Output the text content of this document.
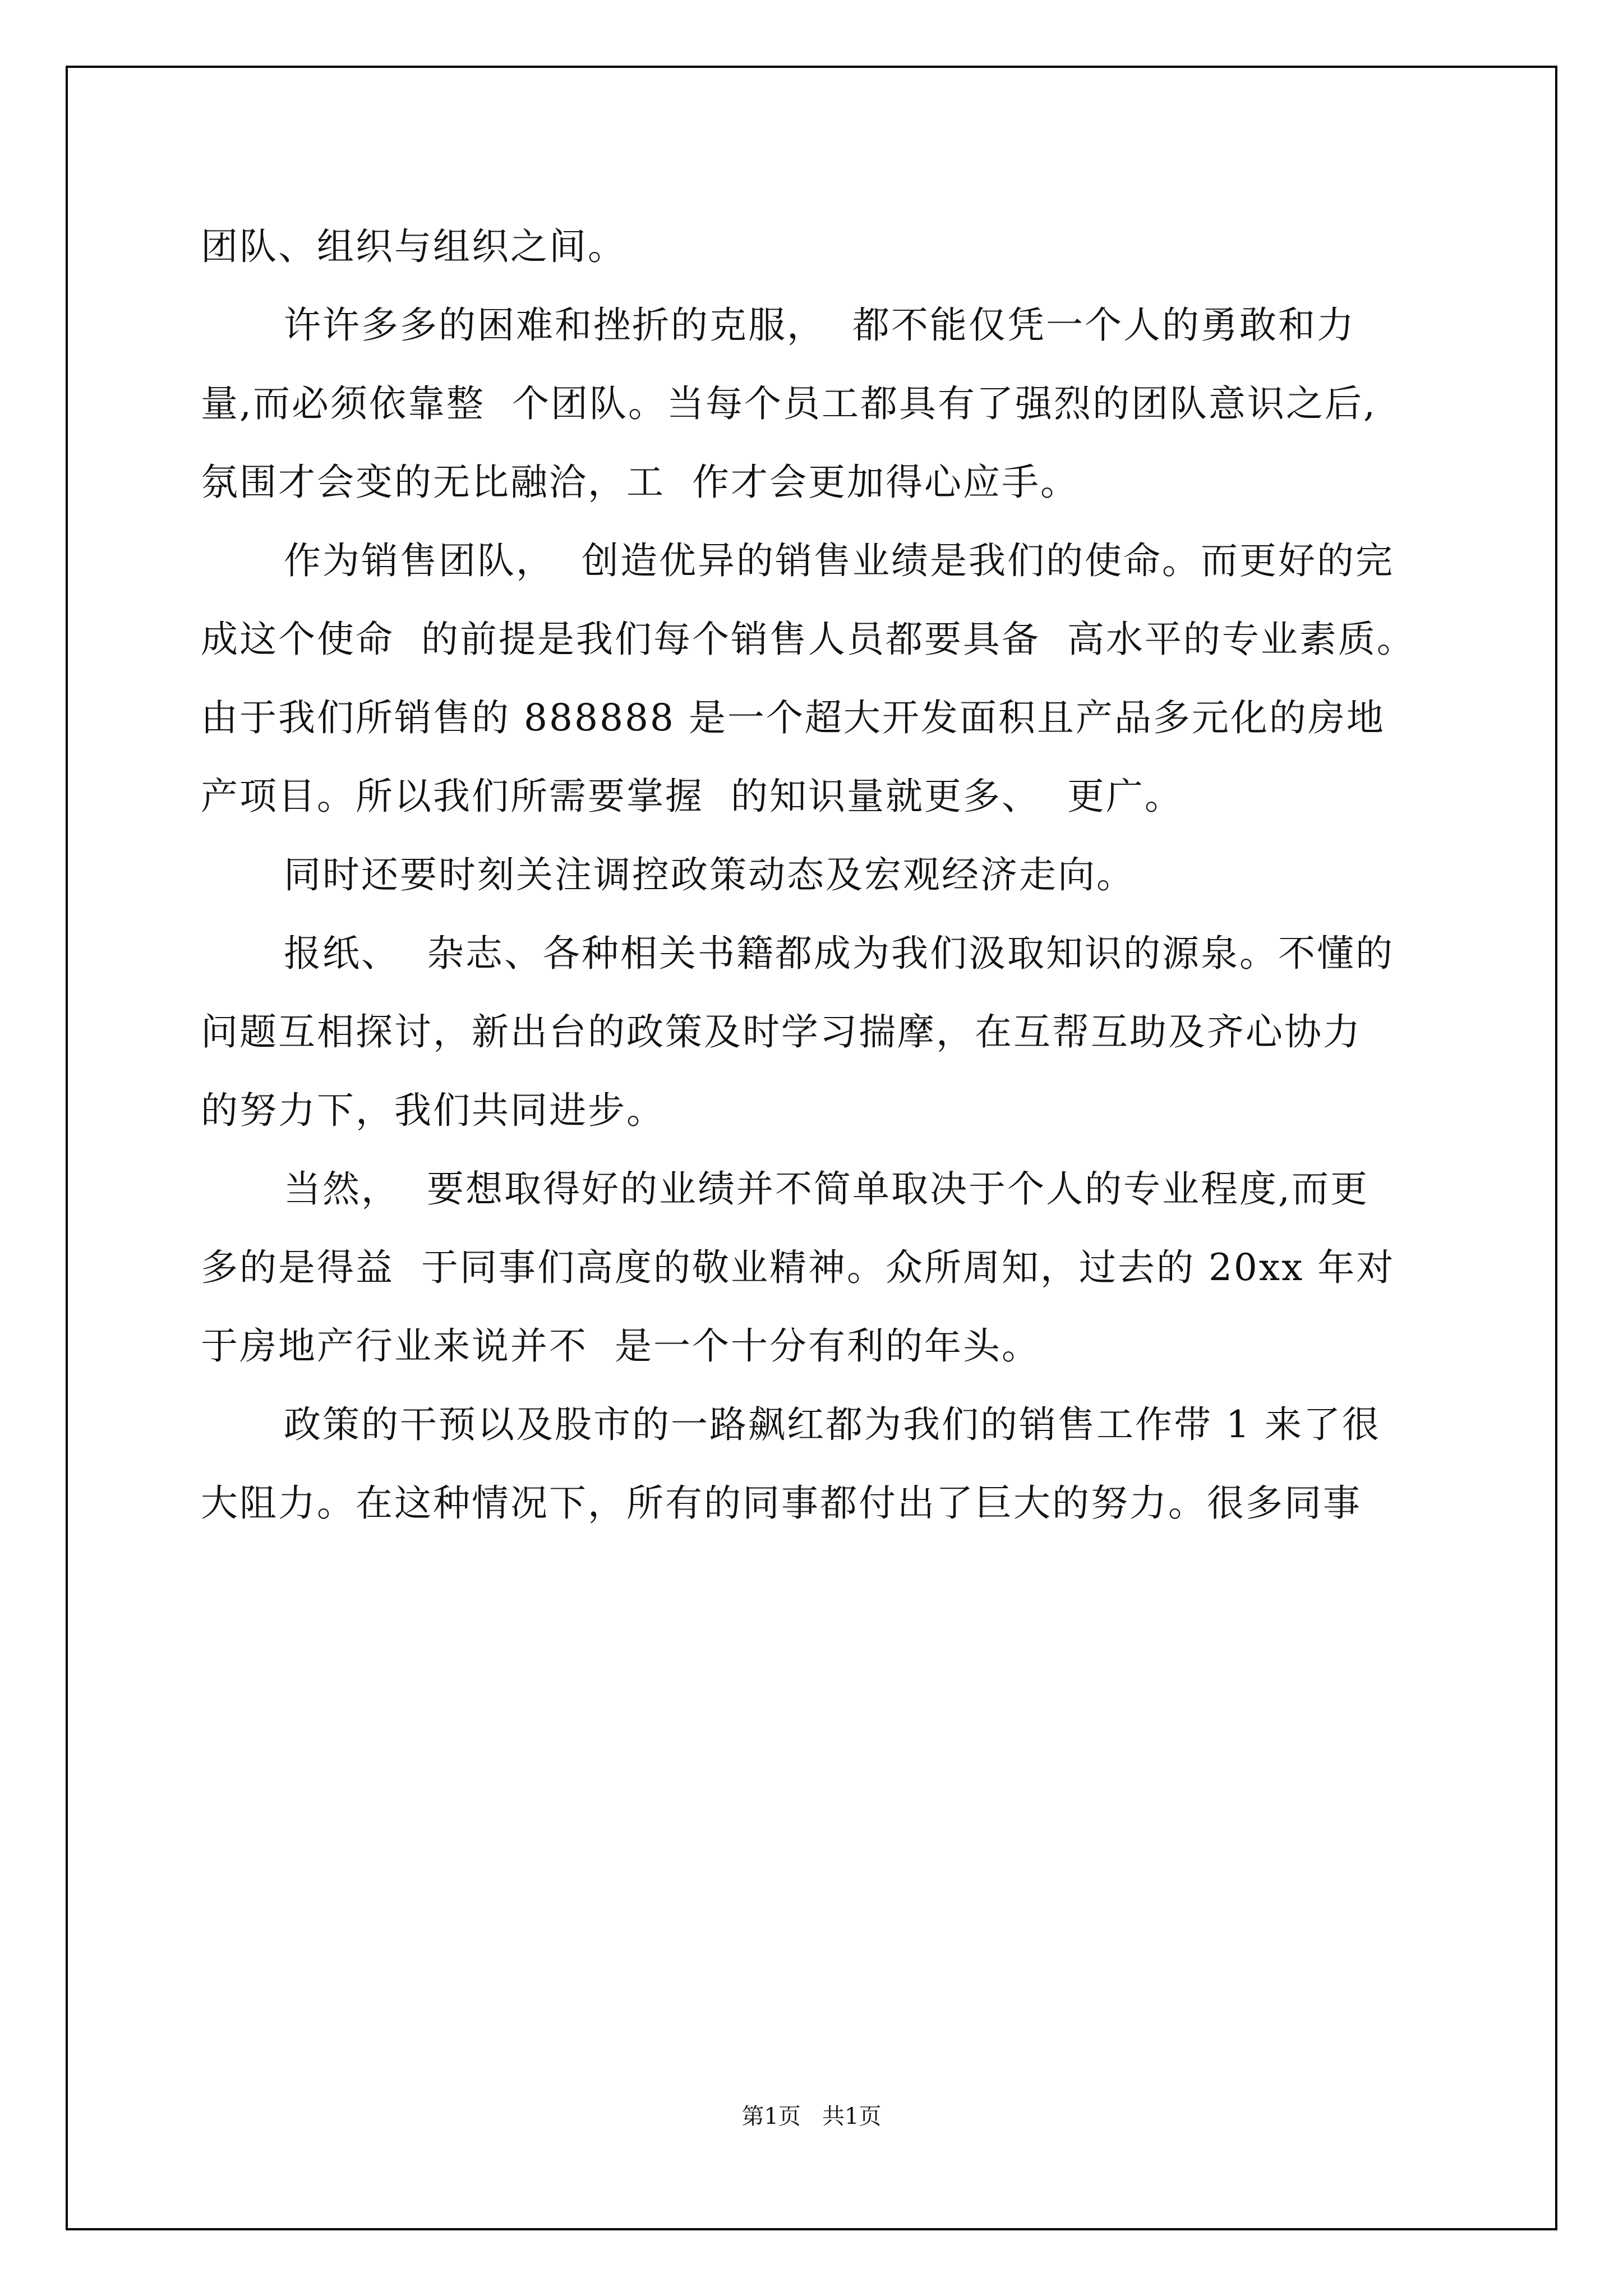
团队、组织与组织之间。
许许多多的困难和挫折的克服，  都不能仅凭一个人的勇敢和力
量,而必须依靠整  个团队。当每个员工都具有了强烈的团队意识之后,
氛围才会变的无比融洽，工  作才会更加得心应手。
作为销售团队，  创造优异的销售业绩是我们的使命。而更好的完
成这个使命  的前提是我们每个销售人员都要具备  高水平的专业素质。
由于我们所销售的 888888 是一个超大开发面积且产品多元化的房地
产项目。所以我们所需要掌握  的知识量就更多、  更广。
同时还要时刻关注调控政策动态及宏观经济走向。
报纸、  杂志、各种相关书籍都成为我们汲取知识的源泉。不懂的
问题互相探讨，新出台的政策及时学习揣摩，在互帮互助及齐心协力
的努力下，我们共同进步。
当然，  要想取得好的业绩并不简单取决于个人的专业程度,而更
多的是得益  于同事们高度的敬业精神。众所周知，过去的 20xx 年对
于房地产行业来说并不  是一个十分有利的年头。
政策的干预以及股市的一路飙红都为我们的销售工作带 1 来了很
大阻力。在这种情况下，所有的同事都付出了巨大的努力。很多同事
第1页   共1页
